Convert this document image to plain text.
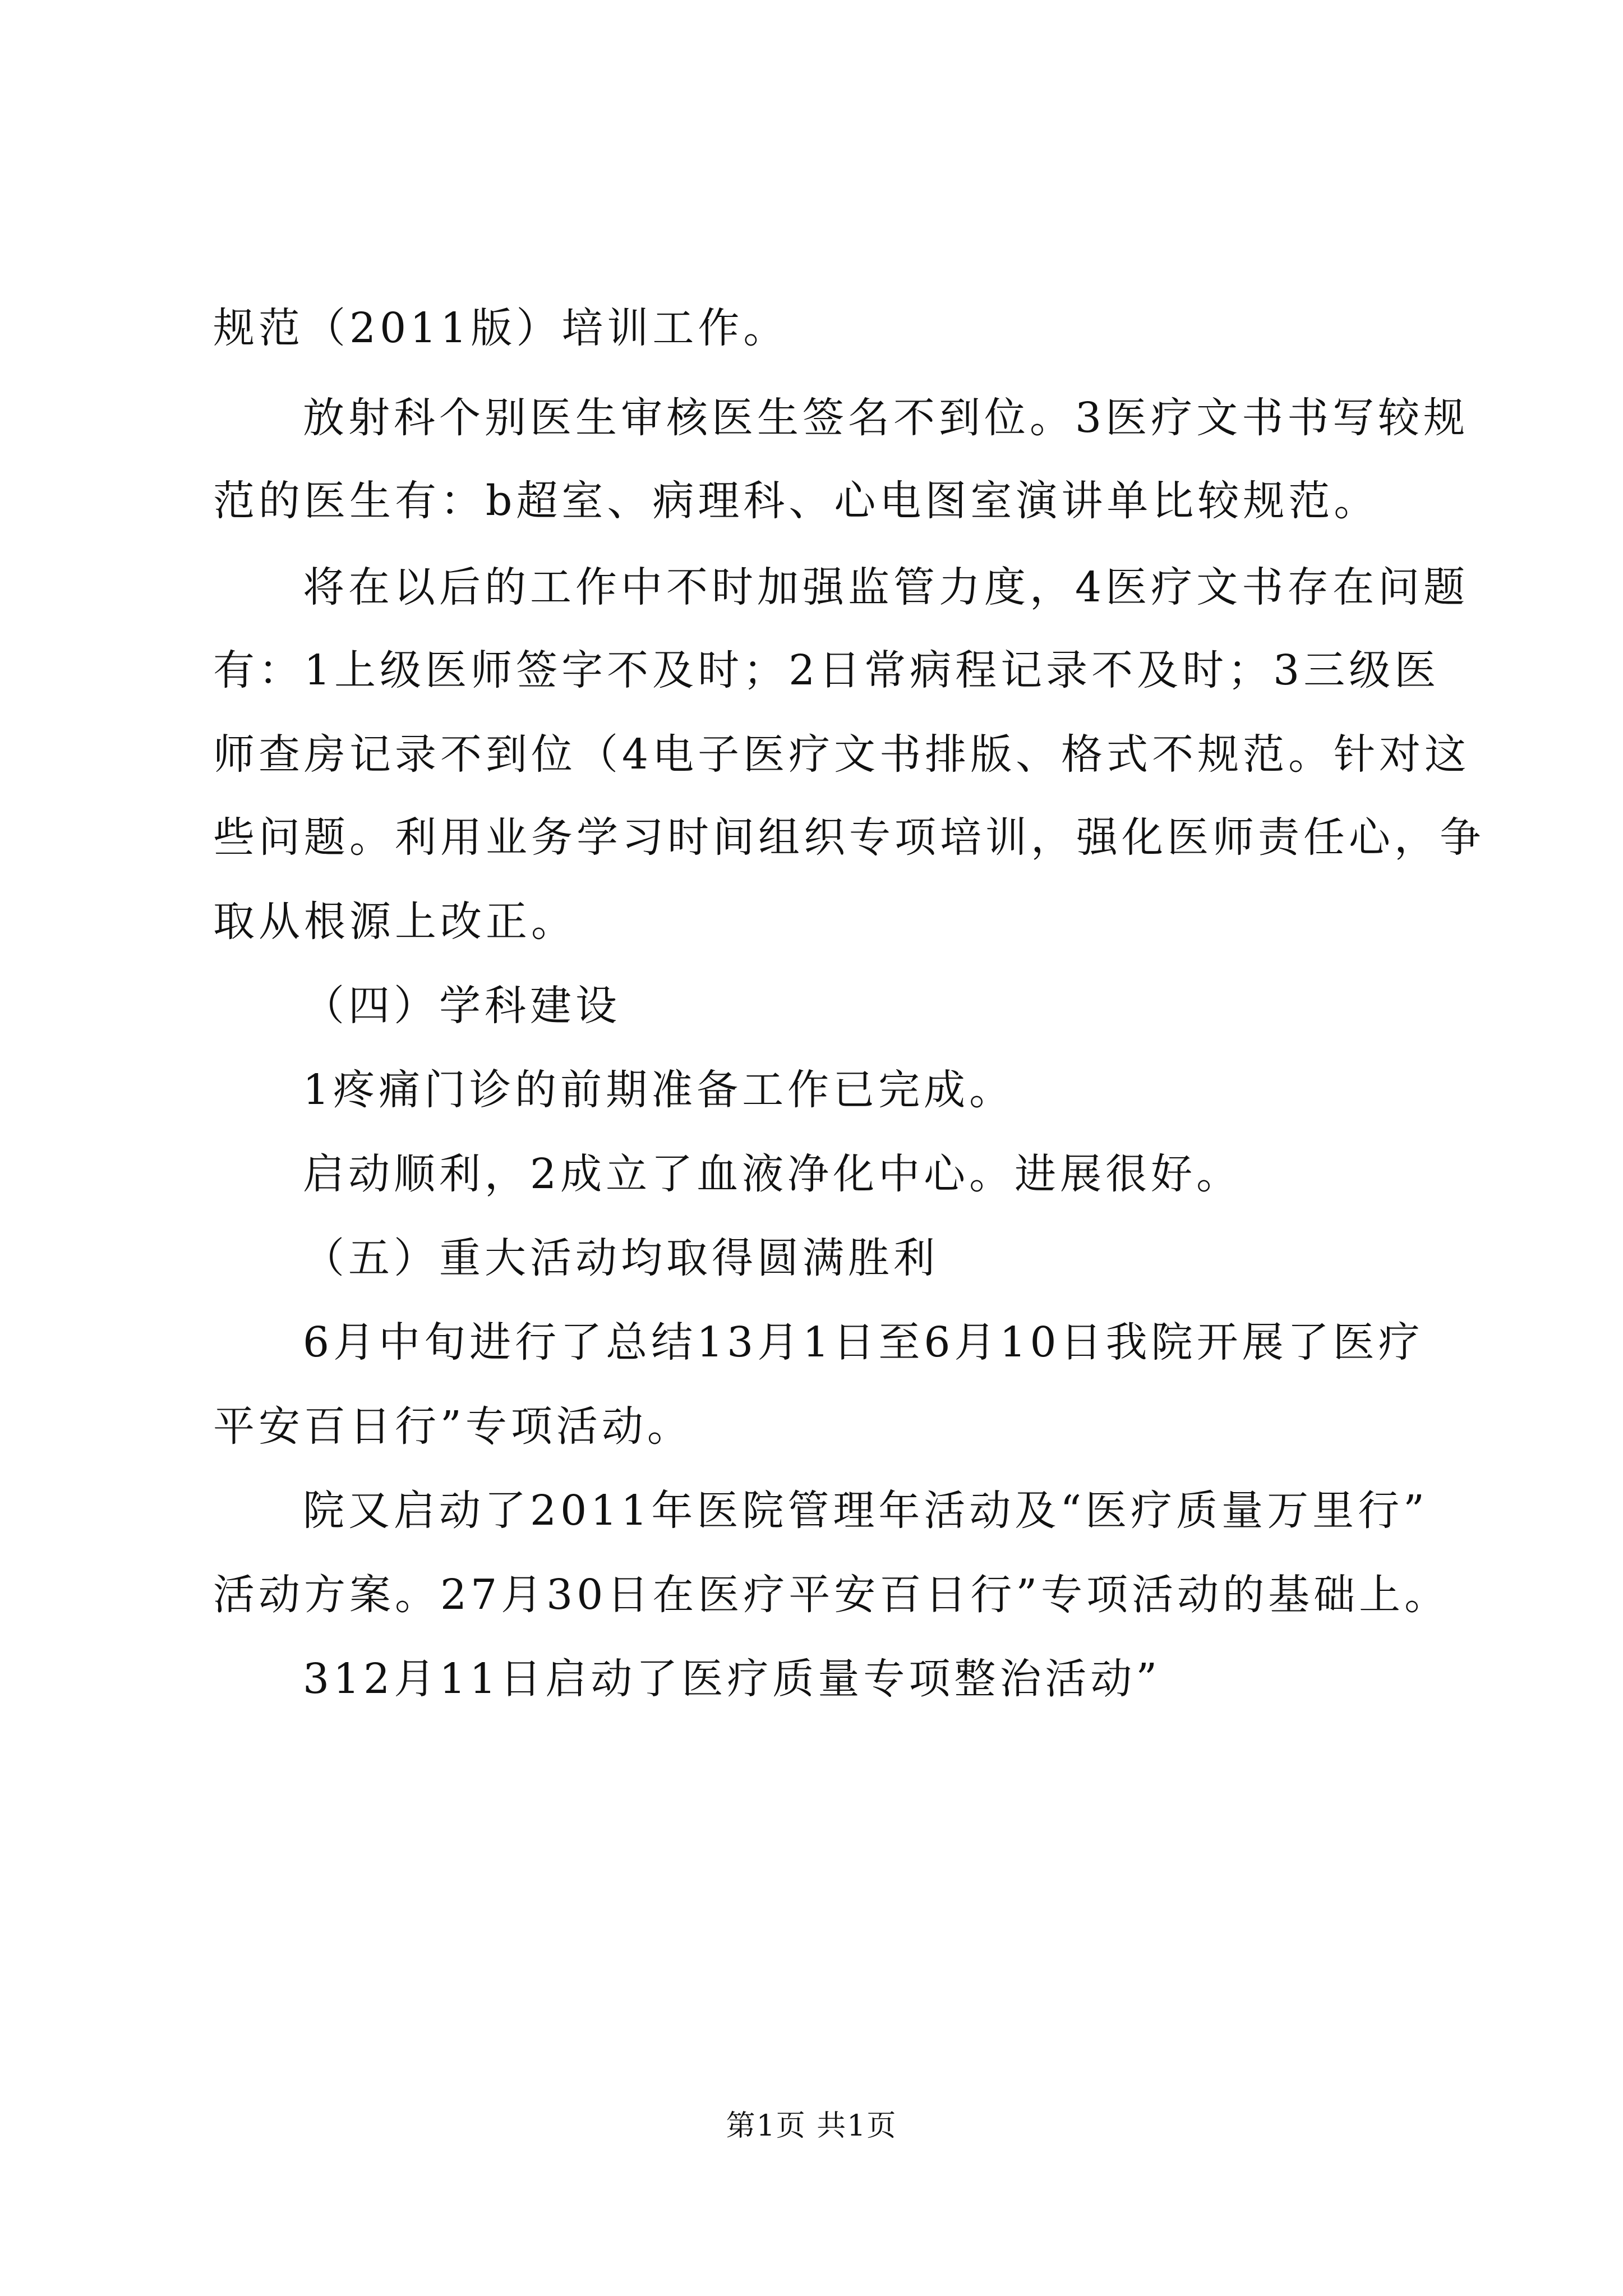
规范（2011版）培训工作。
放射科个别医生审核医生签名不到位。3医疗文书书写较规
范的医生有：b超室、病理科、心电图室演讲单比较规范。
将在以后的工作中不时加强监管力度，4医疗文书存在问题
有：1上级医师签字不及时；2日常病程记录不及时；3三级医
师查房记录不到位（4电子医疗文书排版、格式不规范。针对这
些问题。利用业务学习时间组织专项培训，强化医师责任心，争
取从根源上改正。
（四）学科建设
1疼痛门诊的前期准备工作已完成。
启动顺利，2成立了血液净化中心。进展很好。
（五）重大活动均取得圆满胜利
6月中旬进行了总结13月1日至6月10日我院开展了医疗
平安百日行”专项活动。
院又启动了2011年医院管理年活动及“医疗质量万里行”
活动方案。27月30日在医疗平安百日行”专项活动的基础上。
312月11日启动了医疗质量专项整治活动”
第1页 共1页
